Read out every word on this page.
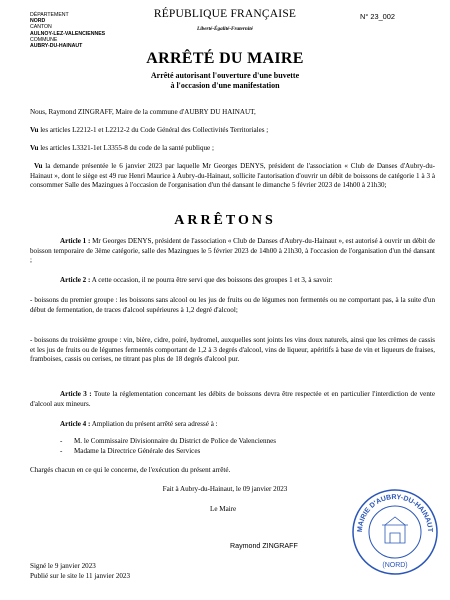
DÉPARTEMENT
NORD
CANTON
AULNOY-LEZ-VALENCIENNES
COMMUNE
AUBRY-DU-HAINAUT
RÉPUBLIQUE FRANÇAISE
Liberté-Égalité-Fraternité
N° 23_002
ARRÊTÉ DU MAIRE
Arrêté autorisant l'ouverture d'une buvette
à l'occasion d'une manifestation
Nous, Raymond ZINGRAFF, Maire de la commune d'AUBRY DU HAINAUT,
Vu les articles L2212-1 et L2212-2 du Code Général des Collectivités Territoriales ;
Vu les articles L3321-1et L3355-8 du code de la santé publique ;
Vu la demande présentée le 6 janvier 2023 par laquelle Mr Georges DENYS, président de l'association « Club de Danses d'Aubry-du-Hainaut », dont le siège est 49 rue Henri Maurice à Aubry-du-Hainaut, sollicite l'autorisation d'ouvrir un débit de boissons de catégorie 1 à 3 à consommer Salle des Mazingues à l'occasion de l'organisation d'un thé dansant le dimanche 5 février 2023 de 14h00 à 21h30;
ARRÊTONS
Article 1 : Mr Georges DENYS, président de l'association « Club de Danses d'Aubry-du-Hainaut », est autorisé à ouvrir un débit de boisson temporaire de 3ème catégorie, salle des Mazingues le 5 février 2023 de 14h00 à 21h30, à l'occasion de l'organisation d'un thé dansant ;
Article 2 : A cette occasion, il ne pourra être servi que des boissons des groupes 1 et 3, à savoir:
- boissons du premier groupe : les boissons sans alcool ou les jus de fruits ou de légumes non fermentés ou ne comportant pas, à la suite d'un début de fermentation, de traces d'alcool supérieures à 1,2 degré d'alcool;
- boissons du troisième groupe : vin, bière, cidre, poiré, hydromel, auxquelles sont joints les vins doux naturels, ainsi que les crèmes de cassis et les jus de fruits ou de légumes fermentés comportant de 1,2 à 3 degrés d'alcool, vins de liqueur, apéritifs à base de vin et liqueurs de fraises, framboises, cassis ou cerises, ne titrant pas plus de 18 degrés d'alcool pur.
Article 3 : Toute la réglementation concernant les débits de boissons devra être respectée et en particulier l'interdiction de vente d'alcool aux mineurs.
Article 4 : Ampliation du présent arrêté sera adressé à :
-	M. le Commissaire Divisionnaire du District de Police de Valenciennes
-	Madame la Directrice Générale des Services
Chargés chacun en ce qui le concerne, de l'exécution du présent arrêté.
Fait à Aubry-du-Hainaut, le 09 janvier 2023
Le Maire
Raymond ZINGRAFF
MAIRIE D'AUBRY-DU-HAINAUT
(NORD)
Signé le 9 janvier 2023
Publié sur le site le 11 janvier 2023
